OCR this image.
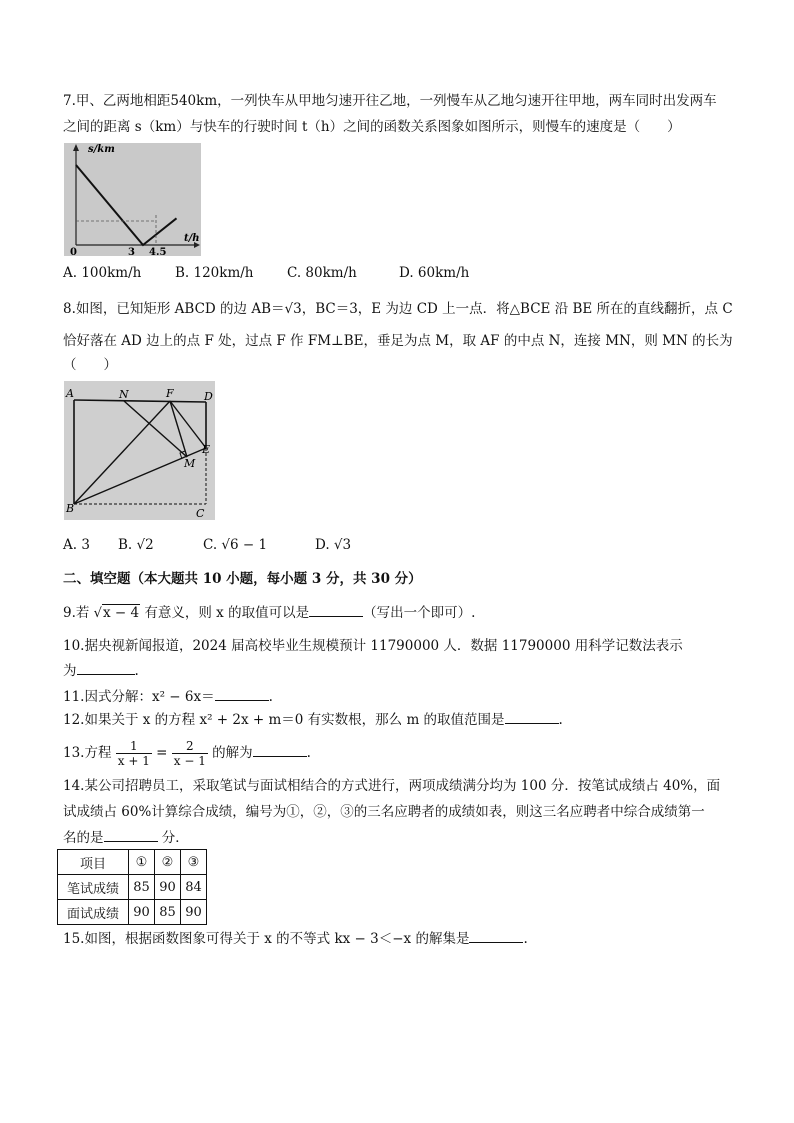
7.甲、乙两地相距540km，一列快车从甲地匀速开往乙地，一列慢车从乙地匀速开往甲地，两车同时出发两车
之间的距离 s（km）与快车的行驶时间 t（h）之间的函数关系图象如图所示，则慢车的速度是（　　）
s/km
t/h
0	3 4.5
A. 100km/h B. 120km/h C. 80km/h	D. 60km/h
8.如图，已知矩形 ABCD 的边 AB＝√3，BC＝3，E 为边 CD 上一点．将△BCE 沿 BE 所在的直线翻折，点 C
恰好落在 AD 边上的点 F 处，过点 F 作 FM⊥BE，垂足为点 M，取 AF 的中点 N，连接 MN，则 MN 的长为
（　　）
A	N	F	D
E
M
B	C
A. 3 B. √2	C. √6 − 1	D. √3
二、填空题（本大题共 10 小题，每小题 3 分，共 30 分）
9.若 √x − 4 有意义，则 x 的取值可以是	（写出一个即可）.
10.据央视新闻报道，2024 届高校毕业生规模预计 11790000 人．数据 11790000 用科学记数法表示
为	.
11.因式分解：x² − 6x＝	.
12.如果关于 x 的方程 x² + 2x + m＝0 有实数根，那么 m 的取值范围是	.
13.方程 $\frac{1}{x + 1} = \frac{2}{x - 1}$ 的解为	.
14.某公司招聘员工，采取笔试与面试相结合的方式进行，两项成绩满分均为 100 分．按笔试成绩占 40%，面
试成绩占 60%计算综合成绩，编号为①，②，③的三名应聘者的成绩如表，则这三名应聘者中综合成绩第一
名的是	分．
项目	①	②	③
笔试成绩	85	90	84
面试成绩	90	85	90
15.如图，根据函数图象可得关于 x 的不等式 kx − 3＜−x 的解集是	.
